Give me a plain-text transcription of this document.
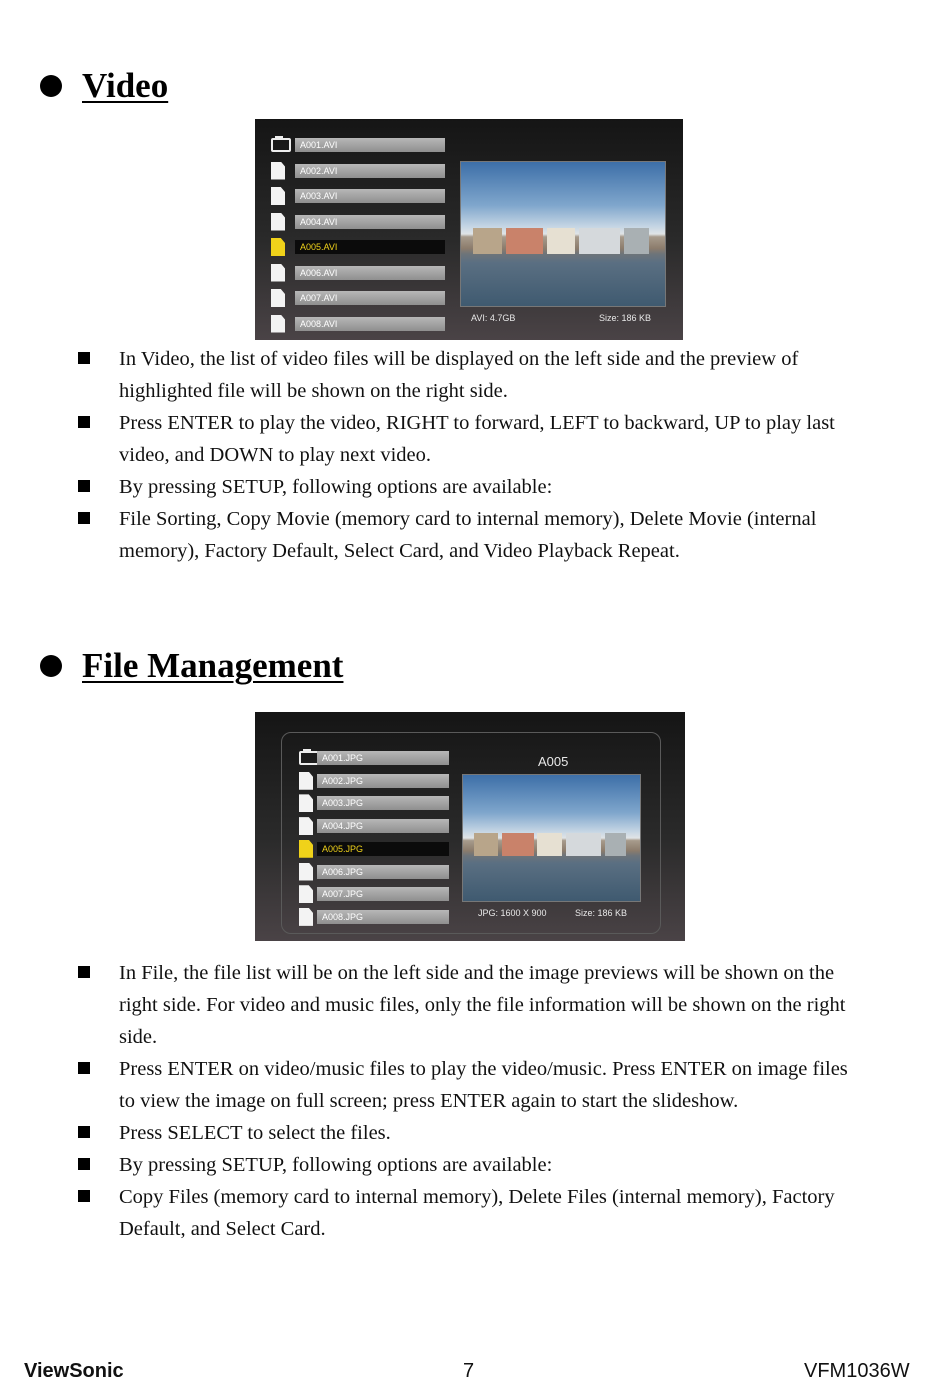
Video
A001.AVI
A002.AVI
A003.AVI
A004.AVI
A005.AVI
A006.AVI
A007.AVI
A008.AVI
AVI: 4.7GB	Size: 186 KB
In Video, the list of video files will be displayed on the left side and the preview of highlighted file will be shown on the right side.
Press ENTER to play the video, RIGHT to forward, LEFT to backward, UP to play last video, and DOWN to play next video.
By pressing SETUP, following options are available:
File Sorting, Copy Movie (memory card to internal memory), Delete Movie (internal memory), Factory Default, Select Card, and Video Playback Repeat.
File Management
A001.JPG
A002.JPG
A003.JPG
A004.JPG
A005.JPG
A006.JPG
A007.JPG
A008.JPG
A005
JPG: 1600 X 900	Size: 186 KB
In File, the file list will be on the left side and the image previews will be shown on the right side. For video and music files, only the file information will be shown on the right side.
Press ENTER on video/music files to play the video/music. Press ENTER on image files to view the image on full screen; press ENTER again to start the slideshow.
Press SELECT to select the files.
By pressing SETUP, following options are available:
Copy Files (memory card to internal memory), Delete Files (internal memory), Factory Default, and Select Card.
ViewSonic	7	VFM1036W
